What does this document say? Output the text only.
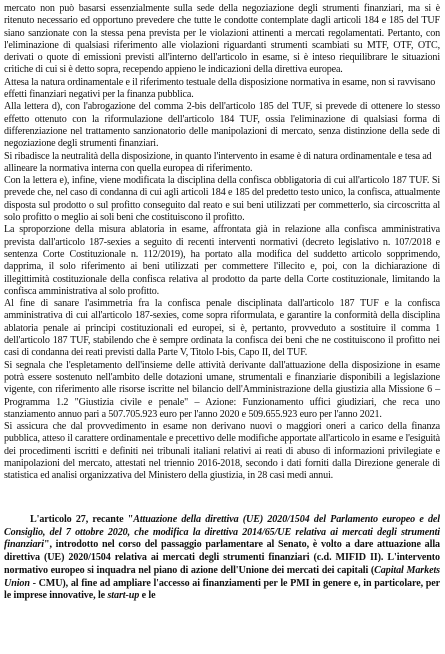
mercato non può basarsi essenzialmente sulla sede della negoziazione degli strumenti finanziari, ma si è ritenuto necessario ed opportuno prevedere che tutte le condotte contemplate dagli articoli 184 e 185 del TUF siano sanzionate con la stessa pena prevista per le violazioni attinenti a mercati regolamentati. Pertanto, con l'eliminazione di qualsiasi riferimento alle violazioni riguardanti strumenti scambiati su MTF, OTF, OTC, derivati o quote di emissioni previsti all'interno dell'articolo in esame, si è inteso riequilibrare le situazioni critiche di cui si è detto sopra, recependo appieno le indicazioni della direttiva europea.

Attesa la natura ordinamentale e il riferimento testuale della disposizione normativa in esame, non si ravvisano effetti finanziari negativi per la finanza pubblica.

Alla lettera d), con l'abrogazione del comma 2-bis dell'articolo 185 del TUF, si prevede di ottenere lo stesso effetto ottenuto con la riformulazione dell'articolo 184 TUF, ossia l'eliminazione di qualsiasi forma di differenziazione nel trattamento sanzionatorio delle manipolazioni di mercato, senza distinzione della sede di negoziazione degli strumenti finanziari.

Si ribadisce la neutralità della disposizione, in quanto l'intervento in esame è di natura ordinamentale e tesa ad allineare la normativa interna con quella europea di riferimento.

Con la lettera e), infine, viene modificata la disciplina della confisca obbligatoria di cui all'articolo 187 TUF. Si prevede che, nel caso di condanna di cui agli articoli 184 e 185 del predetto testo unico, la confisca, attualmente disposta sul prodotto o sul profitto conseguito dal reato e sui beni utilizzati per commetterlo, sia circoscritta al solo profitto o meglio ai soli beni che costituiscono il profitto.

La sproporzione della misura ablatoria in esame, affrontata già in relazione alla confisca amministrativa prevista dall'articolo 187-sexies a seguito di recenti interventi normativi (decreto legislativo n. 107/2018 e sentenza Corte Costituzionale n. 112/2019), ha portato alla modifica del suddetto articolo sopprimendo, dapprima, il solo riferimento ai beni utilizzati per commettere l'illecito e, poi, con la dichiarazione di illegittimità costituzionale della confisca relativa al prodotto da parte della Corte costituzionale, limitando la confisca amministrativa al solo profitto.

Al fine di sanare l'asimmetria fra la confisca penale disciplinata dall'articolo 187 TUF e la confisca amministrativa di cui all'articolo 187-sexies, come sopra riformulata, e garantire la conformità della disciplina ablatoria penale ai principi costituzionali ed europei, si è, pertanto, provveduto a sostituire il comma 1 dell'articolo 187 TUF, stabilendo che è sempre ordinata la confisca dei beni che ne costituiscono il profitto nei casi di condanna dei reati previsti dalla Parte V, Titolo I-bis, Capo II, del TUF.

Si segnala che l'espletamento dell'insieme delle attività derivante dall'attuazione della disposizione in esame potrà essere sostenuto nell'ambito delle dotazioni umane, strumentali e finanziarie disponibili a legislazione vigente, con riferimento alle risorse iscritte nel bilancio dell'Amministrazione della giustizia alla Missione 6 – Programma 1.2 "Giustizia civile e penale" – Azione: Funzionamento uffici giudiziari, che reca uno stanziamento annuo pari a 507.705.923 euro per l'anno 2020 e 509.655.923 euro per l'anno 2021.

Si assicura che dal provvedimento in esame non derivano nuovi o maggiori oneri a carico della finanza pubblica, atteso il carattere ordinamentale e precettivo delle modifiche apportate all'articolo in esame e l'esiguità dei procedimenti iscritti e definiti nei tribunali italiani relativi ai reati di abuso di informazioni privilegiate e manipolazioni del mercato, attestati nel triennio 2016-2018, secondo i dati forniti dalla Direzione generale di statistica ed analisi organizzativa del Ministero della giustizia, in 28 casi medi annui.

L'articolo 27, recante "Attuazione della direttiva (UE) 2020/1504 del Parlamento europeo e del Consiglio, del 7 ottobre 2020, che modifica la direttiva 2014/65/UE relativa ai mercati degli strumenti finanziari", introdotto nel corso del passaggio parlamentare al Senato, è volto a dare attuazione alla direttiva (UE) 2020/1504 relativa ai mercati degli strumenti finanziari (c.d. MIFID II). L'intervento normativo europeo si inquadra nel piano di azione dell'Unione dei mercati dei capitali (Capital Markets Union - CMU), al fine ad ampliare l'accesso ai finanziamenti per le PMI in genere e, in particolare, per le imprese innovative, le start-up e le
